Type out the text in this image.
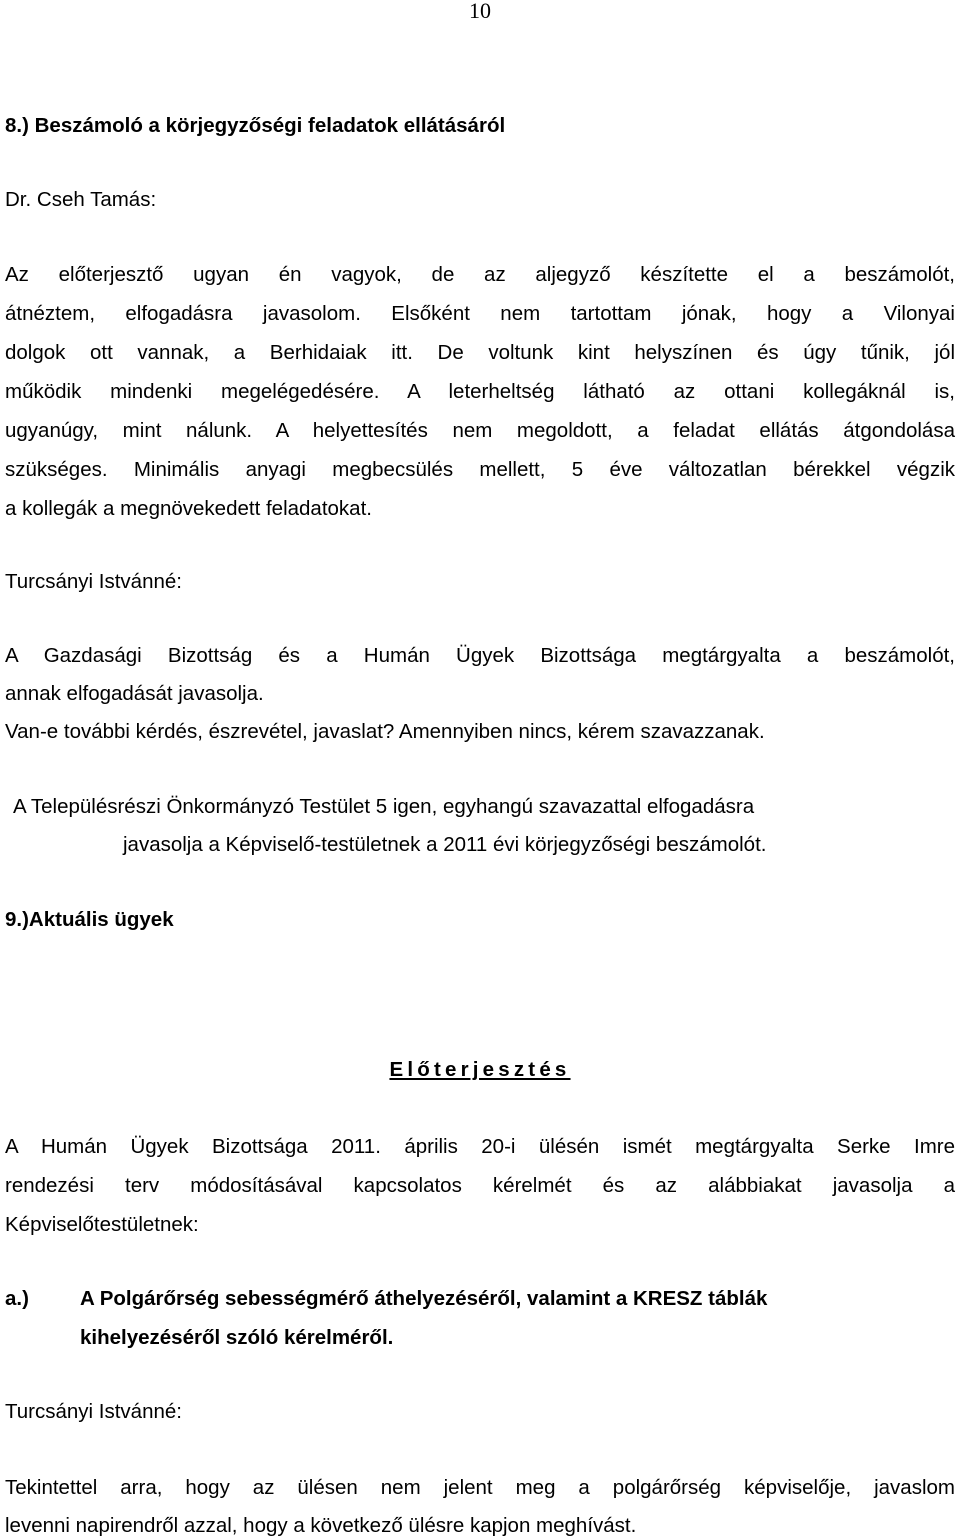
10
8.) Beszámoló a körjegyzőségi feladatok ellátásáról
Dr. Cseh Tamás:
Az előterjesztő ugyan én vagyok, de az aljegyző készítette el a beszámolót,
átnéztem, elfogadásra javasolom. Elsőként nem tartottam jónak, hogy a Vilonyai
dolgok ott vannak, a Berhidaiak itt. De voltunk kint helyszínen és úgy tűnik, jól
működik mindenki megelégedésére. A leterheltség látható az ottani kollegáknál is,
ugyanúgy, mint nálunk. A helyettesítés nem megoldott, a feladat ellátás átgondolása
szükséges. Minimális anyagi megbecsülés mellett, 5 éve változatlan bérekkel végzik
a kollegák a megnövekedett feladatokat.
Turcsányi Istvánné:
A Gazdasági Bizottság és a Humán Ügyek Bizottsága megtárgyalta a beszámolót,
annak elfogadását javasolja.
Van-e további kérdés, észrevétel, javaslat? Amennyiben nincs, kérem szavazzanak.
A Településrészi Önkormányzó Testület 5 igen, egyhangú szavazattal elfogadásra
javasolja a Képviselő-testületnek a 2011 évi körjegyzőségi beszámolót.
9.)Aktuális ügyek
Előterjesztés
A Humán Ügyek Bizottsága 2011. április 20-i ülésén ismét megtárgyalta Serke Imre
rendezési terv módosításával kapcsolatos kérelmét és az alábbiakat javasolja a
Képviselőtestületnek:
a.)	A Polgárőrség sebességmérő áthelyezéséről, valamint a KRESZ táblák
kihelyezéséről szóló kérelméről.
Turcsányi Istvánné:
Tekintettel arra, hogy az ülésen nem jelent meg a polgárőrség képviselője, javaslom
levenni napirendről azzal, hogy a következő ülésre kapjon meghívást.
